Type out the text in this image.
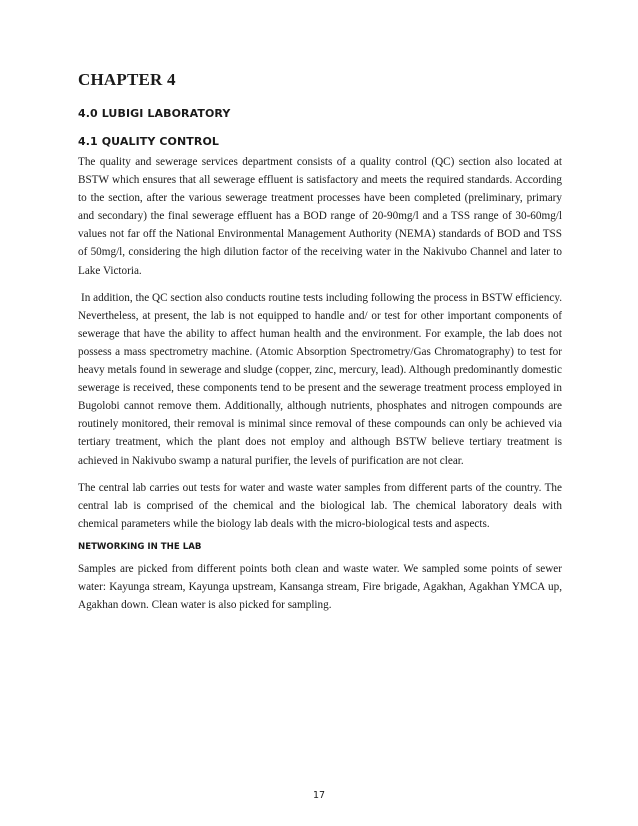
CHAPTER 4
4.0 LUBIGI LABORATORY
4.1 QUALITY CONTROL

The quality and sewerage services department consists of a quality control (QC) section also located at BSTW which ensures that all sewerage effluent is satisfactory and meets the required standards. According to the section, after the various sewerage treatment processes have been completed (preliminary, primary and secondary) the final sewerage effluent has a BOD range of 20-90mg/l and a TSS range of 30-60mg/l values not far off the National Environmental Management Authority (NEMA) standards of BOD and TSS of 50mg/l, considering the high dilution factor of the receiving water in the Nakivubo Channel and later to Lake Victoria.

In addition, the QC section also conducts routine tests including following the process in BSTW efficiency. Nevertheless, at present, the lab is not equipped to handle and/ or test for other important components of sewerage that have the ability to affect human health and the environment. For example, the lab does not possess a mass spectrometry machine. (Atomic Absorption Spectrometry/Gas Chromatography) to test for heavy metals found in sewerage and sludge (copper, zinc, mercury, lead). Although predominantly domestic sewerage is received, these components tend to be present and the sewerage treatment process employed in Bugolobi cannot remove them. Additionally, although nutrients, phosphates and nitrogen compounds are routinely monitored, their removal is minimal since removal of these compounds can only be achieved via tertiary treatment, which the plant does not employ and although BSTW believe tertiary treatment is achieved in Nakivubo swamp a natural purifier, the levels of purification are not clear.

The central lab carries out tests for water and waste water samples from different parts of the country. The central lab is comprised of the chemical and the biological lab. The chemical laboratory deals with chemical parameters while the biology lab deals with the micro-biological tests and aspects.

NETWORKING IN THE LAB

Samples are picked from different points both clean and waste water. We sampled some points of sewer water: Kayunga stream, Kayunga upstream, Kansanga stream, Fire brigade, Agakhan, Agakhan YMCA up, Agakhan down. Clean water is also picked for sampling.

17
